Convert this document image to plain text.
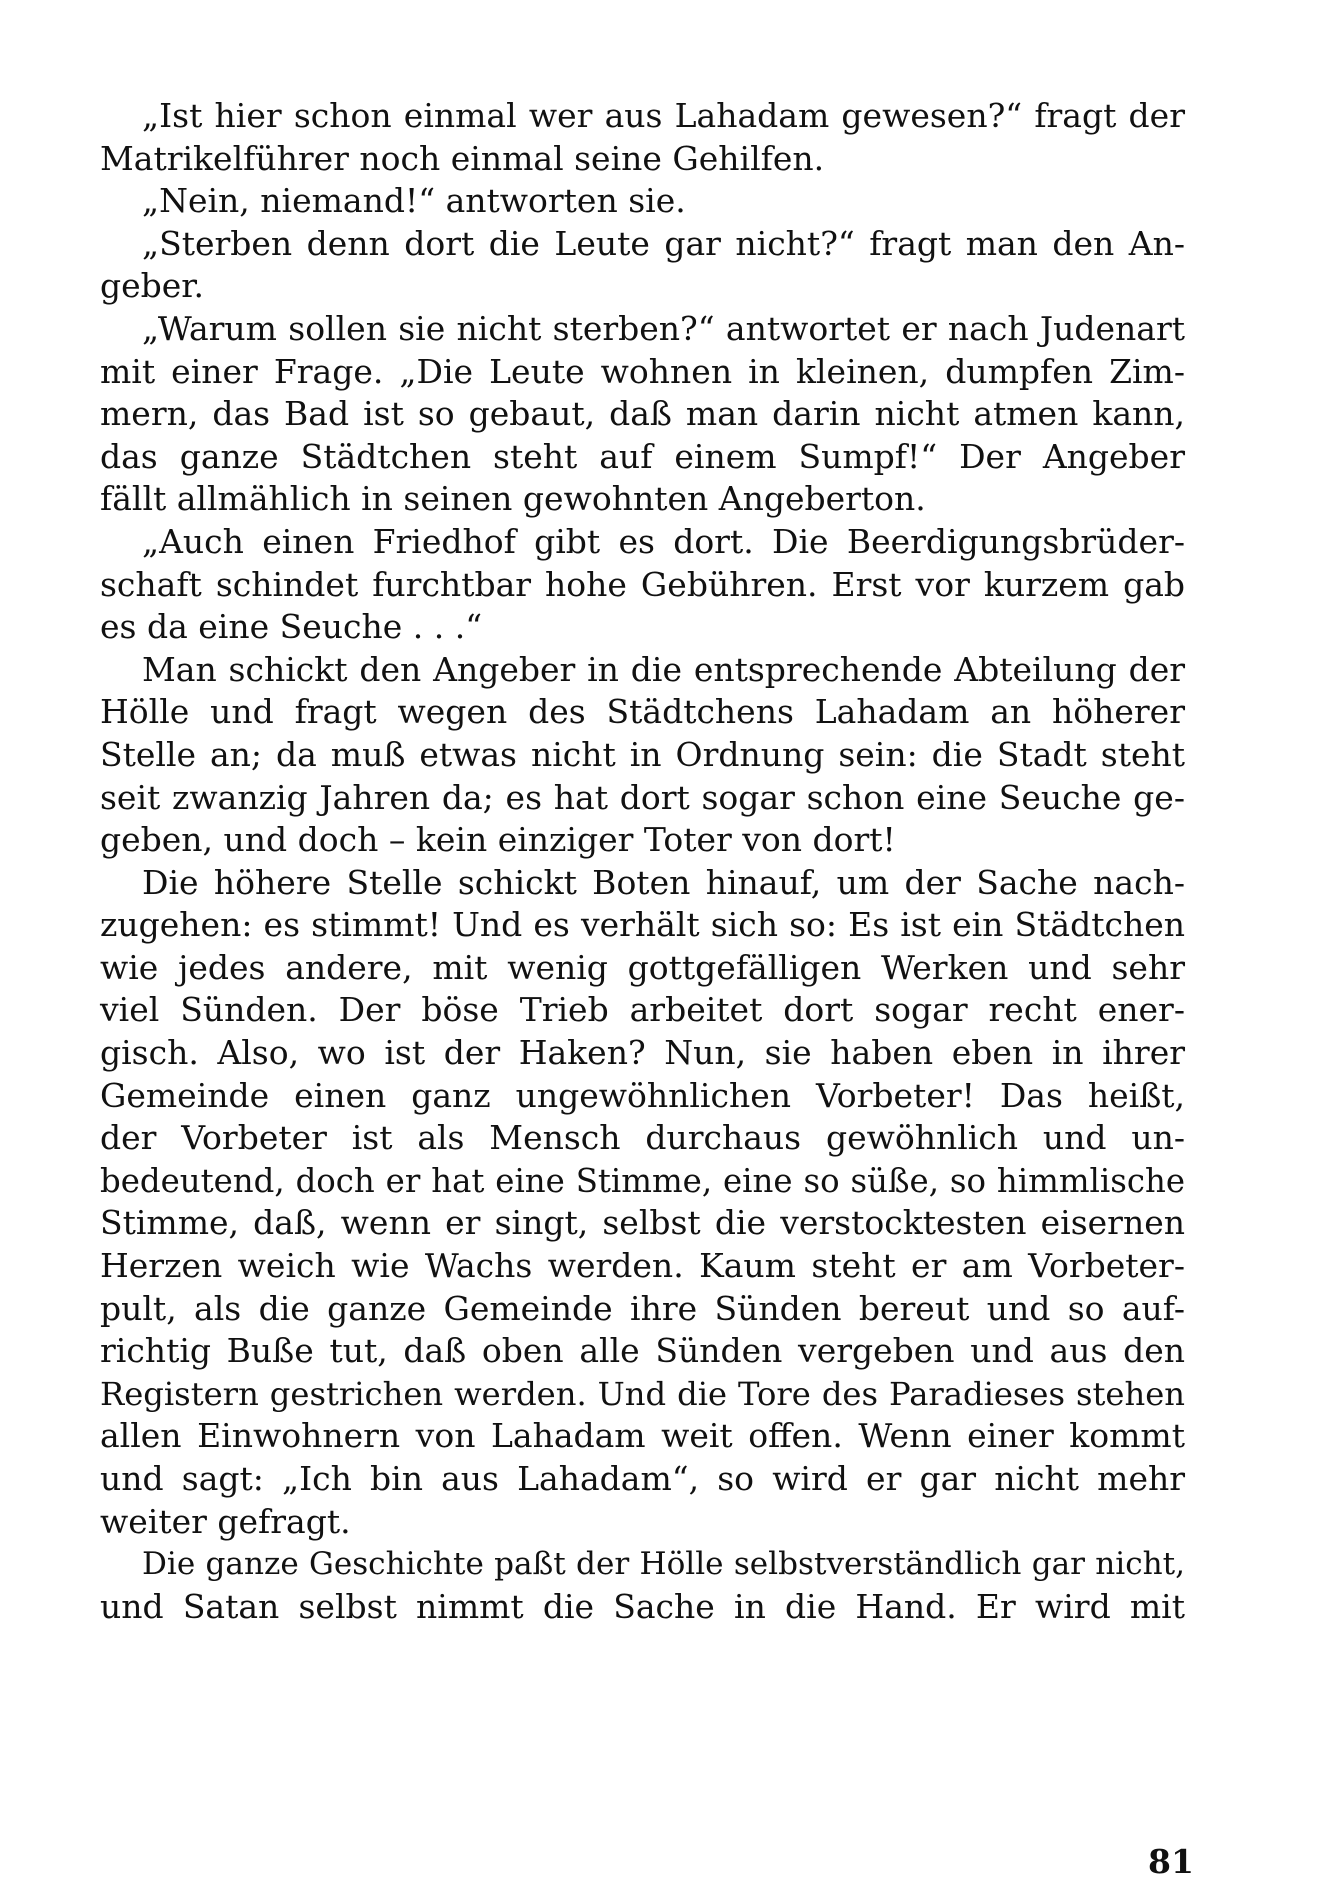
„Ist hier schon einmal wer aus Lahadam gewesen?“ fragt der
Matrikelführer noch einmal seine Gehilfen.

„Nein, niemand!“ antworten sie.

„Sterben denn dort die Leute gar nicht?“ fragt man den An-
geber.

„Warum sollen sie nicht sterben?“ antwortet er nach Judenart
mit einer Frage. „Die Leute wohnen in kleinen, dumpfen Zim-
mern, das Bad ist so gebaut, daß man darin nicht atmen kann,
das ganze Städtchen steht auf einem Sumpf!“ Der Angeber
fällt allmählich in seinen gewohnten Angeberton.

„Auch einen Friedhof gibt es dort. Die Beerdigungsbrüder-
schaft schindet furchtbar hohe Gebühren. Erst vor kurzem gab
es da eine Seuche . . .“

Man schickt den Angeber in die entsprechende Abteilung der
Hölle und fragt wegen des Städtchens Lahadam an höherer
Stelle an; da muß etwas nicht in Ordnung sein: die Stadt steht
seit zwanzig Jahren da; es hat dort sogar schon eine Seuche ge-
geben, und doch – kein einziger Toter von dort!

Die höhere Stelle schickt Boten hinauf, um der Sache nach-
zugehen: es stimmt! Und es verhält sich so: Es ist ein Städtchen
wie jedes andere, mit wenig gottgefälligen Werken und sehr
viel Sünden. Der böse Trieb arbeitet dort sogar recht ener-
gisch. Also, wo ist der Haken? Nun, sie haben eben in ihrer
Gemeinde einen ganz ungewöhnlichen Vorbeter! Das heißt,
der Vorbeter ist als Mensch durchaus gewöhnlich und un-
bedeutend, doch er hat eine Stimme, eine so süße, so himmlische
Stimme, daß, wenn er singt, selbst die verstocktesten eisernen
Herzen weich wie Wachs werden. Kaum steht er am Vorbeter-
pult, als die ganze Gemeinde ihre Sünden bereut und so auf-
richtig Buße tut, daß oben alle Sünden vergeben und aus den
Registern gestrichen werden. Und die Tore des Paradieses stehen
allen Einwohnern von Lahadam weit offen. Wenn einer kommt
und sagt: „Ich bin aus Lahadam“, so wird er gar nicht mehr
weiter gefragt.

Die ganze Geschichte paßt der Hölle selbstverständlich gar nicht,
und Satan selbst nimmt die Sache in die Hand. Er wird mit

81
